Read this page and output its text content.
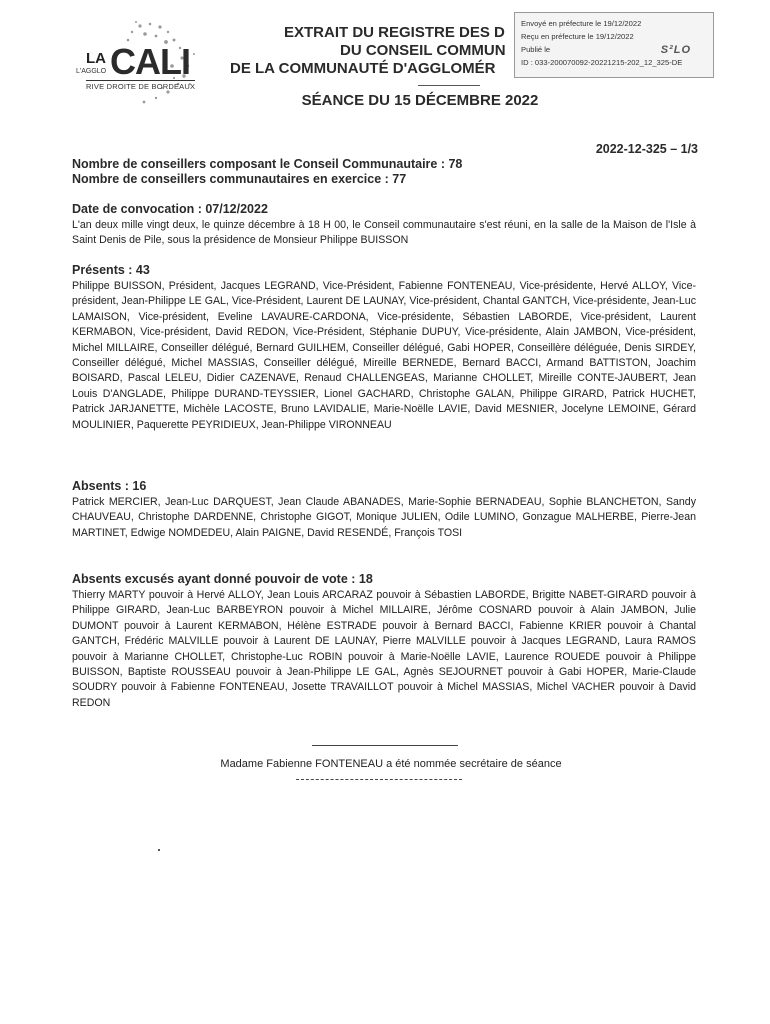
LA CALI
L'AGGLO
RIVE DROITE DE BORDEAUX
EXTRAIT DU REGISTRE DES D
DU CONSEIL COMMUN
DE LA COMMUNAUTÉ D'AGGLOMÉR
Envoyé en préfecture le 19/12/2022
Reçu en préfecture le 19/12/2022
Publié le
ID : 033-200070092-20221215-202_12_325-DE
S²LO
SÉANCE DU 15 DÉCEMBRE 2022
2022-12-325 – 1/3
Nombre de conseillers composant le Conseil Communautaire : 78
Nombre de conseillers communautaires en exercice : 77
Date de convocation : 07/12/2022
L'an deux mille vingt deux, le quinze décembre à 18 H 00, le Conseil communautaire s'est réuni, en la salle de la Maison de l'Isle à Saint Denis de Pile, sous la présidence de Monsieur Philippe BUISSON
Présents : 43
Philippe BUISSON, Président, Jacques LEGRAND, Vice-Président, Fabienne FONTENEAU, Vice-présidente, Hervé ALLOY, Vice-président, Jean-Philippe LE GAL, Vice-Président, Laurent DE LAUNAY, Vice-président, Chantal GANTCH, Vice-présidente, Jean-Luc LAMAISON, Vice-président, Eveline LAVAURE-CARDONA, Vice-présidente, Sébastien LABORDE, Vice-président, Laurent KERMABON, Vice-président, David REDON, Vice-Président, Stéphanie DUPUY, Vice-présidente, Alain JAMBON, Vice-président, Michel MILLAIRE, Conseiller délégué, Bernard GUILHEM, Conseiller délégué, Gabi HOPER, Conseillère déléguée, Denis SIRDEY, Conseiller délégué, Michel MASSIAS, Conseiller délégué, Mireille BERNEDE, Bernard BACCI, Armand BATTISTON, Joachim BOISARD, Pascal LELEU, Didier CAZENAVE, Renaud CHALLENGEAS, Marianne CHOLLET, Mireille CONTE-JAUBERT, Jean Louis D'ANGLADE, Philippe DURAND-TEYSSIER, Lionel GACHARD, Christophe GALAN, Philippe GIRARD, Patrick HUCHET, Patrick JARJANETTE, Michèle LACOSTE, Bruno LAVIDALIE, Marie-Noëlle LAVIE, David MESNIER, Jocelyne LEMOINE, Gérard MOULINIER, Paquerette PEYRIDIEUX, Jean-Philippe VIRONNEAU
Absents : 16
Patrick MERCIER, Jean-Luc DARQUEST, Jean Claude ABANADES, Marie-Sophie BERNADEAU, Sophie BLANCHETON, Sandy CHAUVEAU, Christophe DARDENNE, Christophe GIGOT, Monique JULIEN, Odile LUMINO, Gonzague MALHERBE, Pierre-Jean MARTINET, Edwige NOMDEDEU, Alain PAIGNE, David RESENDÉ, François TOSI
Absents excusés ayant donné pouvoir de vote : 18
Thierry MARTY pouvoir à Hervé ALLOY, Jean Louis ARCARAZ pouvoir à Sébastien LABORDE, Brigitte NABET-GIRARD pouvoir à Philippe GIRARD, Jean-Luc BARBEYRON pouvoir à Michel MILLAIRE, Jérôme COSNARD pouvoir à Alain JAMBON, Julie DUMONT pouvoir à Laurent KERMABON, Hélène ESTRADE pouvoir à Bernard BACCI, Fabienne KRIER pouvoir à Chantal GANTCH, Frédéric MALVILLE pouvoir à Laurent DE LAUNAY, Pierre MALVILLE pouvoir à Jacques LEGRAND, Laura RAMOS pouvoir à Marianne CHOLLET, Christophe-Luc ROBIN pouvoir à Marie-Noëlle LAVIE, Laurence ROUEDE pouvoir à Philippe BUISSON, Baptiste ROUSSEAU pouvoir à Jean-Philippe LE GAL, Agnès SEJOURNET pouvoir à Gabi HOPER, Marie-Claude SOUDRY pouvoir à Fabienne FONTENEAU, Josette TRAVAILLOT pouvoir à Michel MASSIAS, Michel VACHER pouvoir à David REDON
Madame Fabienne FONTENEAU a été nommée secrétaire de séance
